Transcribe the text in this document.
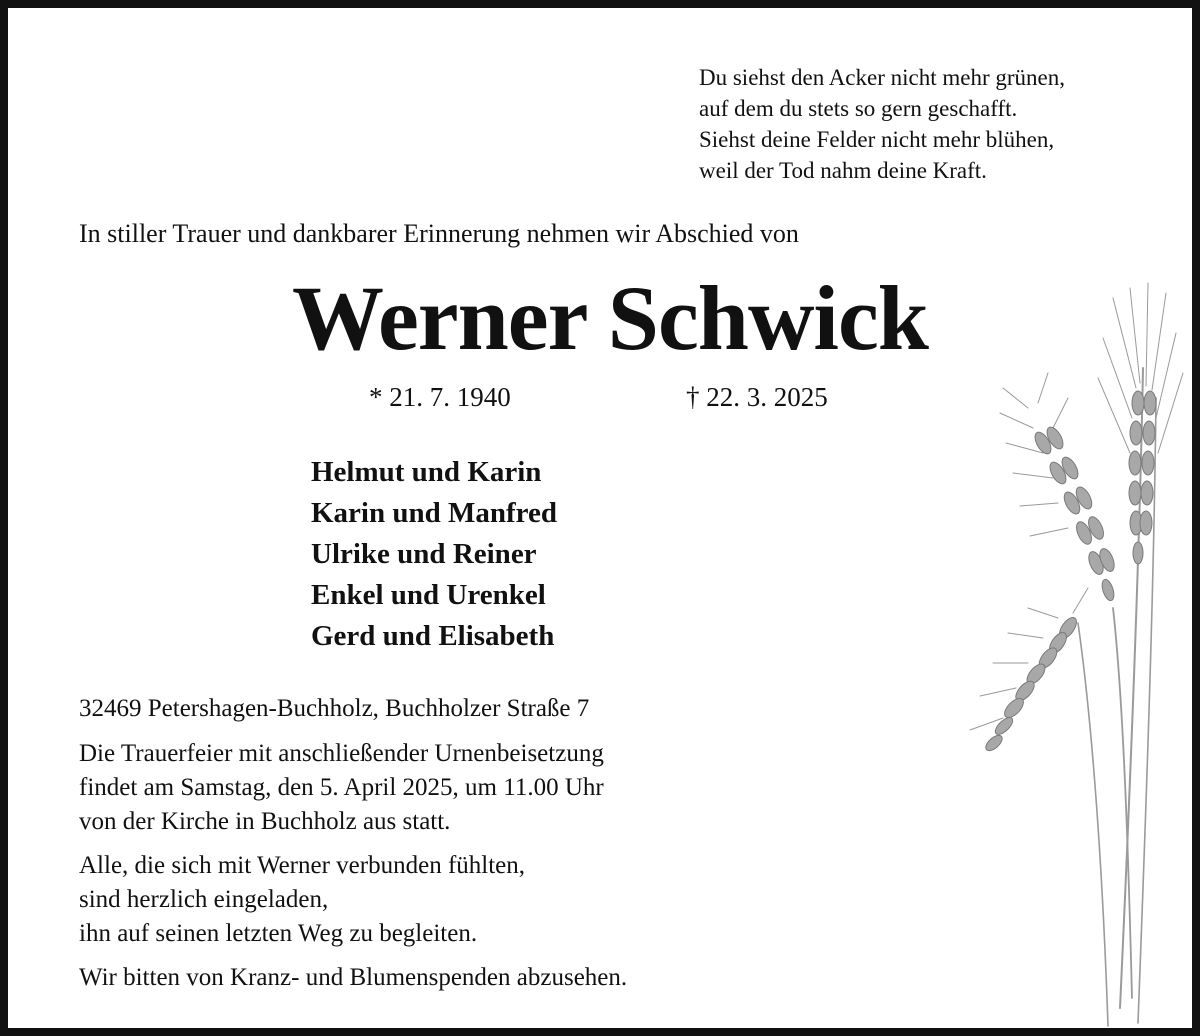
Du siehst den Acker nicht mehr grünen,
auf dem du stets so gern geschafft.
Siehst deine Felder nicht mehr blühen,
weil der Tod nahm deine Kraft.
In stiller Trauer und dankbarer Erinnerung nehmen wir Abschied von
Werner Schwick
* 21. 7. 1940	† 22. 3. 2025
Helmut und Karin
Karin und Manfred
Ulrike und Reiner
Enkel und Urenkel
Gerd und Elisabeth
32469 Petershagen-Buchholz, Buchholzer Straße 7
Die Trauerfeier mit anschließender Urnenbeisetzung
findet am Samstag, den 5. April 2025, um 11.00 Uhr
von der Kirche in Buchholz aus statt.
Alle, die sich mit Werner verbunden fühlten,
sind herzlich eingeladen,
ihn auf seinen letzten Weg zu begleiten.
Wir bitten von Kranz- und Blumenspenden abzusehen.
